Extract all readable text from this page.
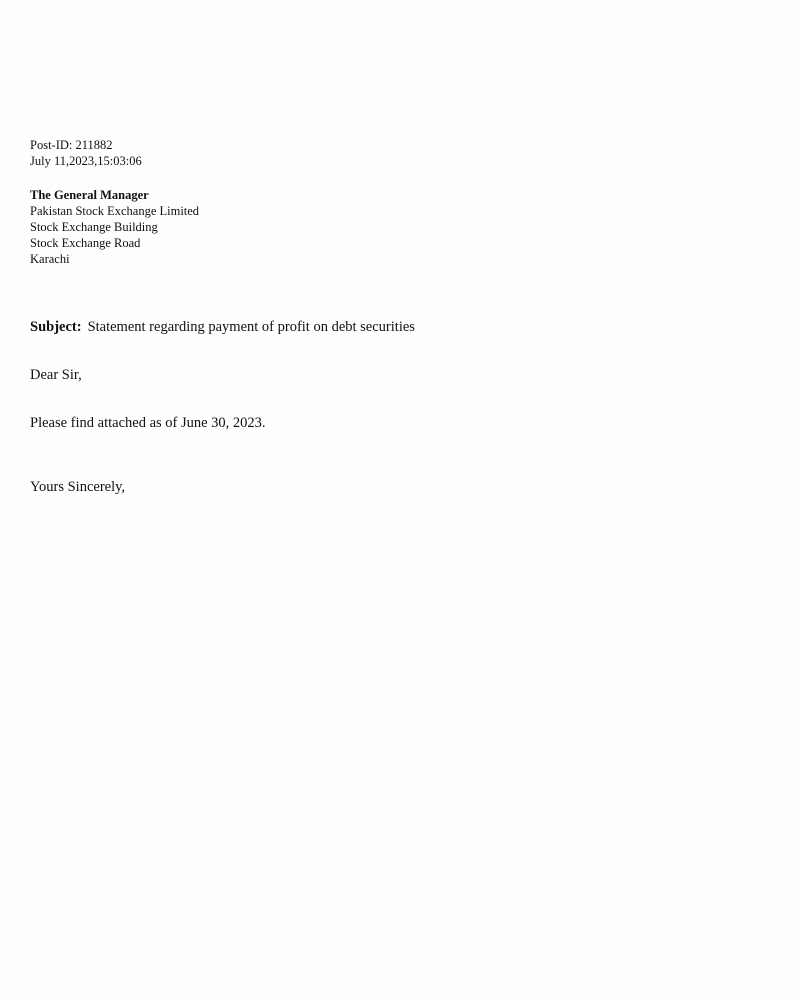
Post-ID: 211882
July 11,2023,15:03:06
The General Manager
Pakistan Stock Exchange Limited
Stock Exchange Building
Stock Exchange Road
Karachi
Subject: Statement regarding payment of profit on debt securities
Dear Sir,
Please find attached as of June 30, 2023.
Yours Sincerely,
